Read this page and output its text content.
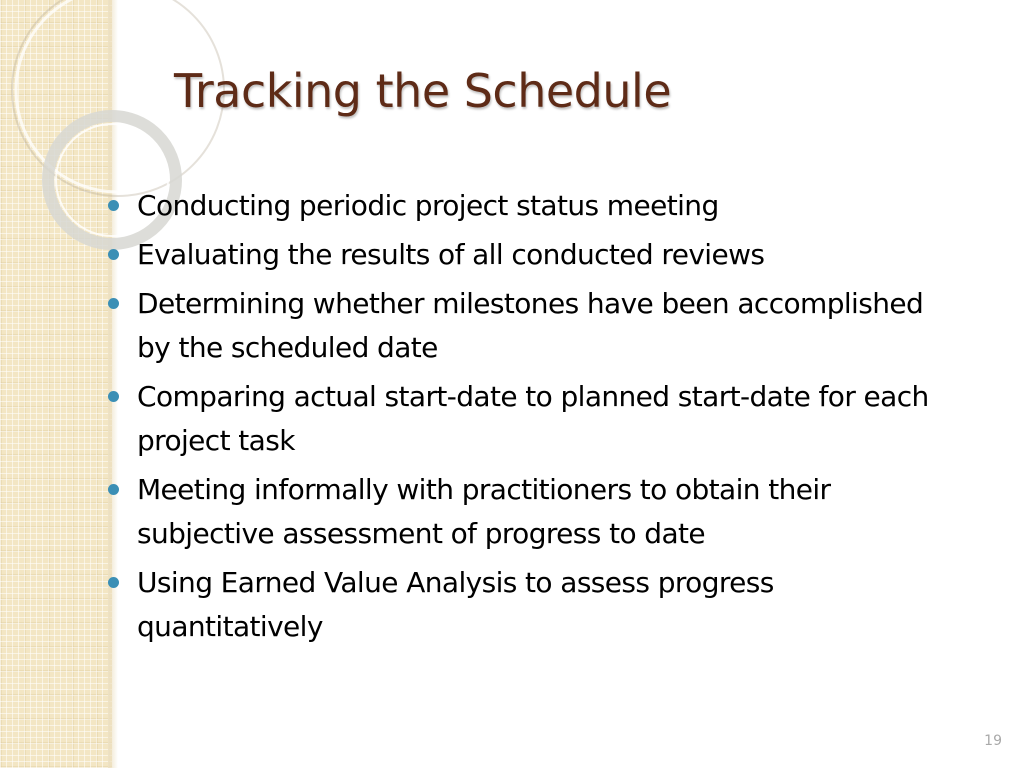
Tracking the Schedule
Conducting periodic project status meeting
Evaluating the results of all conducted reviews
Determining whether milestones have been accomplished by the scheduled date
Comparing actual start-date to planned start-date for each project task
Meeting informally with practitioners to obtain their subjective assessment of progress to date
Using Earned Value Analysis to assess progress quantitatively
19
